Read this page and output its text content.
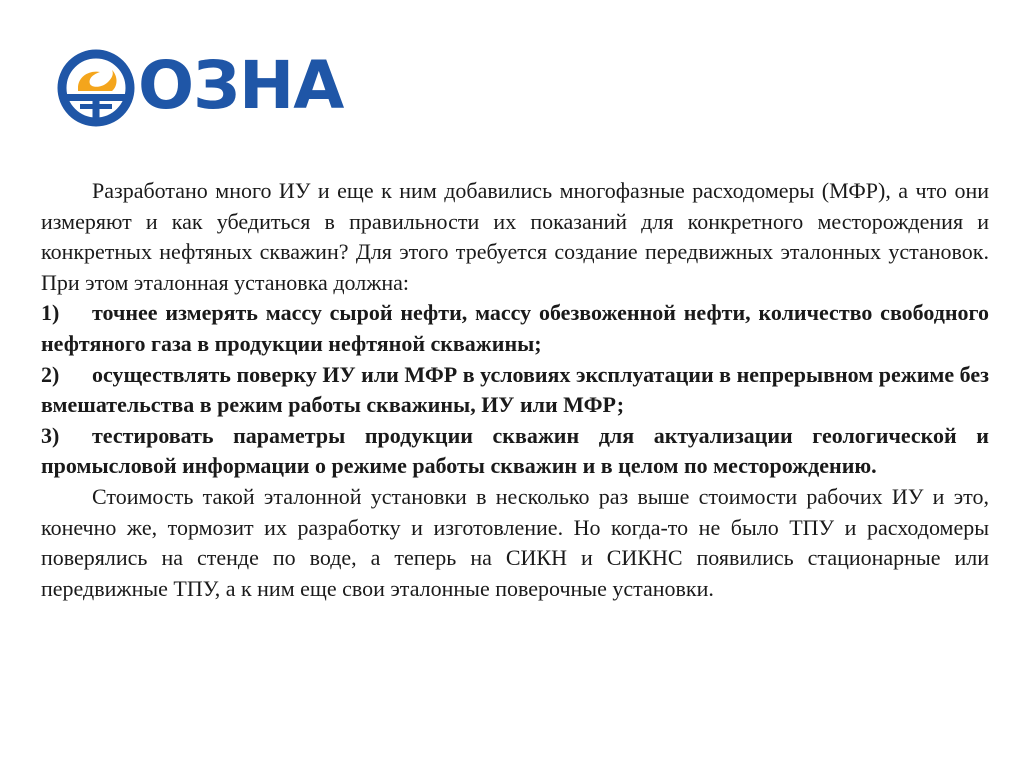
ОЗНА

Разработано много ИУ и еще к ним добавились многофазные расходомеры (МФР), а что они измеряют и как убедиться в правильности их показаний для конкретного месторождения и конкретных нефтяных скважин? Для этого требуется создание передвижных эталонных установок. При этом эталонная установка должна:

1) точнее измерять массу сырой нефти, массу обезвоженной нефти, количество свободного нефтяного газа в продукции нефтяной скважины;

2) осуществлять поверку ИУ или МФР в условиях эксплуатации в непрерывном режиме без вмешательства в режим работы скважины, ИУ или МФР;

3) тестировать параметры продукции скважин для актуализации геологической и промысловой информации о режиме работы скважин и в целом по месторождению.

Стоимость такой эталонной установки в несколько раз выше стоимости рабочих ИУ и это, конечно же, тормозит их разработку и изготовление. Но когда-то не было ТПУ и расходомеры поверялись на стенде по воде, а теперь на СИКН и СИКНС появились стационарные или передвижные ТПУ, а к ним еще свои эталонные поверочные установки.
